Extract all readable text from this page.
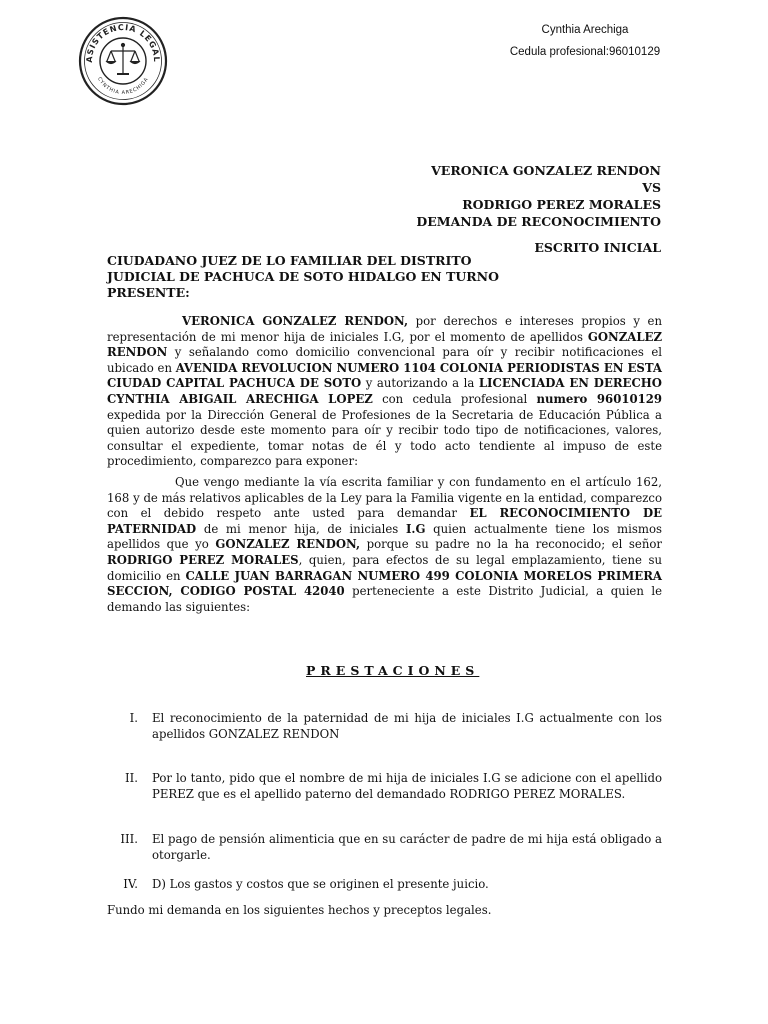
ASISTENCIA LEGAL
CYNTHIA ARECHIGA
Cynthia Arechiga
Cedula profesional:96010129
VERONICA GONZALEZ RENDON
VS
RODRIGO PEREZ MORALES
DEMANDA DE RECONOCIMIENTO
ESCRITO INICIAL
CIUDADANO JUEZ DE LO FAMILIAR DEL DISTRITO
JUDICIAL DE PACHUCA DE SOTO HIDALGO EN TURNO
PRESENTE:
VERONICA GONZALEZ RENDON, por derechos e intereses propios y en representación de mi menor hija de iniciales I.G, por el momento de apellidos GONZALEZ RENDON y señalando como domicilio convencional para oír y recibir notificaciones el ubicado en AVENIDA REVOLUCION NUMERO 1104 COLONIA PERIODISTAS EN ESTA CIUDAD CAPITAL PACHUCA DE SOTO y autorizando a la LICENCIADA EN DERECHO CYNTHIA ABIGAIL ARECHIGA LOPEZ con cedula profesional numero 96010129 expedida por la Dirección General de Profesiones de la Secretaria de Educación Pública a quien autorizo desde este momento para oír y recibir todo tipo de notificaciones, valores, consultar el expediente, tomar notas de él y todo acto tendiente al impuso de este procedimiento, comparezco para exponer:
Que vengo mediante la vía escrita familiar y con fundamento en el artículo 162, 168 y de más relativos aplicables de la Ley para la Familia vigente en la entidad, comparezco con el debido respeto ante usted para demandar EL RECONOCIMIENTO DE PATERNIDAD de mi menor hija, de iniciales I.G quien actualmente tiene los mismos apellidos que yo GONZALEZ RENDON, porque su padre no la ha reconocido; el señor RODRIGO PEREZ MORALES, quien, para efectos de su legal emplazamiento, tiene su domicilio en CALLE JUAN BARRAGAN NUMERO 499 COLONIA MORELOS PRIMERA SECCION, CODIGO POSTAL 42040 perteneciente a este Distrito Judicial, a quien le demando las siguientes:
PRESTACIONES
I. El reconocimiento de la paternidad de mi hija de iniciales I.G actualmente con los apellidos GONZALEZ RENDON
II. Por lo tanto, pido que el nombre de mi hija de iniciales I.G se adicione con el apellido PEREZ que es el apellido paterno del demandado RODRIGO PEREZ MORALES.
III. El pago de pensión alimenticia que en su carácter de padre de mi hija está obligado a otorgarle.
IV. D) Los gastos y costos que se originen el presente juicio.
Fundo mi demanda en los siguientes hechos y preceptos legales.
